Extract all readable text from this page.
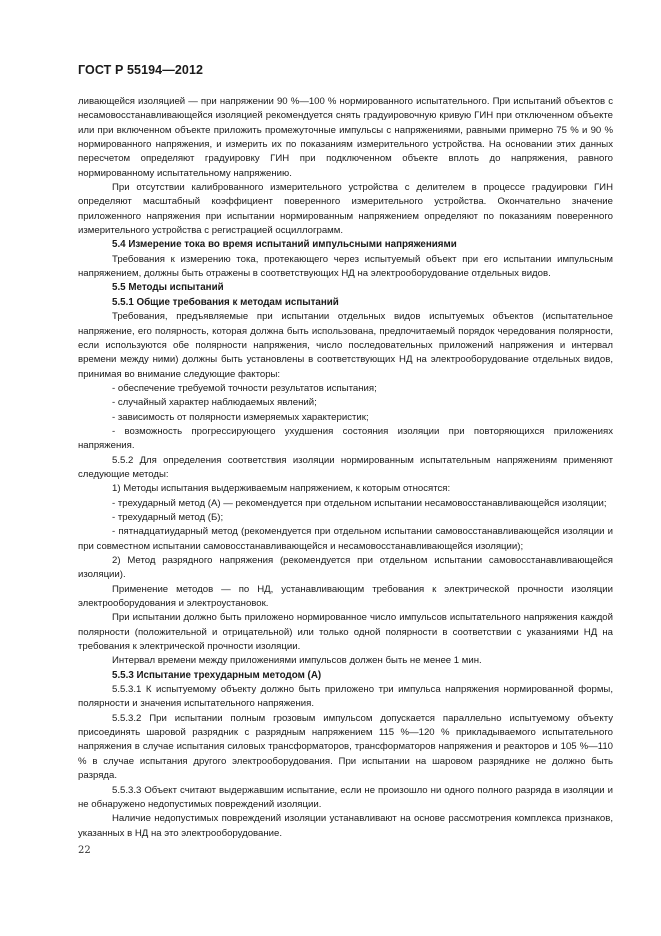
ГОСТ Р 55194—2012

ливающейся изоляцией — при напряжении 90 %—100 % нормированного испытательного. При испытаний объектов с несамовосстанавливающейся изоляцией рекомендуется снять градуировочную кривую ГИН при отключенном объекте или при включенном объекте приложить промежуточные импульсы с напряжениями, равными примерно 75 % и 90 % нормированного напряжения, и измерить их по показаниям измерительного устройства. На основании этих данных пересчетом определяют градуировку ГИН при подключенном объекте вплоть до напряжения, равного нормированному испытательному напряжению.

При отсутствии калиброванного измерительного устройства с делителем в процессе градуировки ГИН определяют масштабный коэффициент поверенного измерительного устройства. Окончательно значение приложенного напряжения при испытании нормированным напряжением определяют по показаниям поверенного измерительного устройства с регистрацией осциллограмм.

5.4 Измерение тока во время испытаний импульсными напряжениями

Требования к измерению тока, протекающего через испытуемый объект при его испытании импульсным напряжением, должны быть отражены в соответствующих НД на электрооборудование отдельных видов.

5.5 Методы испытаний

5.5.1 Общие требования к методам испытаний

Требования, предъявляемые при испытании отдельных видов испытуемых объектов (испытательное напряжение, его полярность, которая должна быть использована, предпочитаемый порядок чередования полярности, если используются обе полярности напряжения, число последовательных приложений напряжения и интервал времени между ними) должны быть установлены в соответствующих НД на электрооборудование отдельных видов, принимая во внимание следующие факторы:

- обеспечение требуемой точности результатов испытания;

- случайный характер наблюдаемых явлений;

- зависимость от полярности измеряемых характеристик;

- возможность прогрессирующего ухудшения состояния изоляции при повторяющихся приложениях напряжения.

5.5.2 Для определения соответствия изоляции нормированным испытательным напряжениям применяют следующие методы:

1) Методы испытания выдерживаемым напряжением, к которым относятся:

- трехударный метод (А) — рекомендуется при отдельном испытании несамовосстанавливающейся изоляции;

- трехударный метод (Б);

- пятнадцатиударный метод (рекомендуется при отдельном испытании самовосстанавливающейся изоляции и при совместном испытании самовосстанавливающейся и несамовосстанавливающейся изоляции);

2) Метод разрядного напряжения (рекомендуется при отдельном испытании самовосстанавливающейся изоляции).

Применение методов — по НД, устанавливающим требования к электрической прочности изоляции электрооборудования и электроустановок.

При испытании должно быть приложено нормированное число импульсов испытательного напряжения каждой полярности (положительной и отрицательной) или только одной полярности в соответствии с указаниями НД на требования к электрической прочности изоляции.

Интервал времени между приложениями импульсов должен быть не менее 1 мин.

5.5.3 Испытание трехударным методом (А)

5.5.3.1 К испытуемому объекту должно быть приложено три импульса напряжения нормированной формы, полярности и значения испытательного напряжения.

5.5.3.2 При испытании полным грозовым импульсом допускается параллельно испытуемому объекту присоединять шаровой разрядник с разрядным напряжением 115 %—120 % прикладываемого испытательного напряжения в случае испытания силовых трансформаторов, трансформаторов напряжения и реакторов и 105 %—110 % в случае испытания другого электрооборудования. При испытании на шаровом разряднике не должно быть разряда.

5.5.3.3 Объект считают выдержавшим испытание, если не произошло ни одного полного разряда в изоляции и не обнаружено недопустимых повреждений изоляции.

Наличие недопустимых повреждений изоляции устанавливают на основе рассмотрения комплекса признаков, указанных в НД на это электрооборудование.

22
